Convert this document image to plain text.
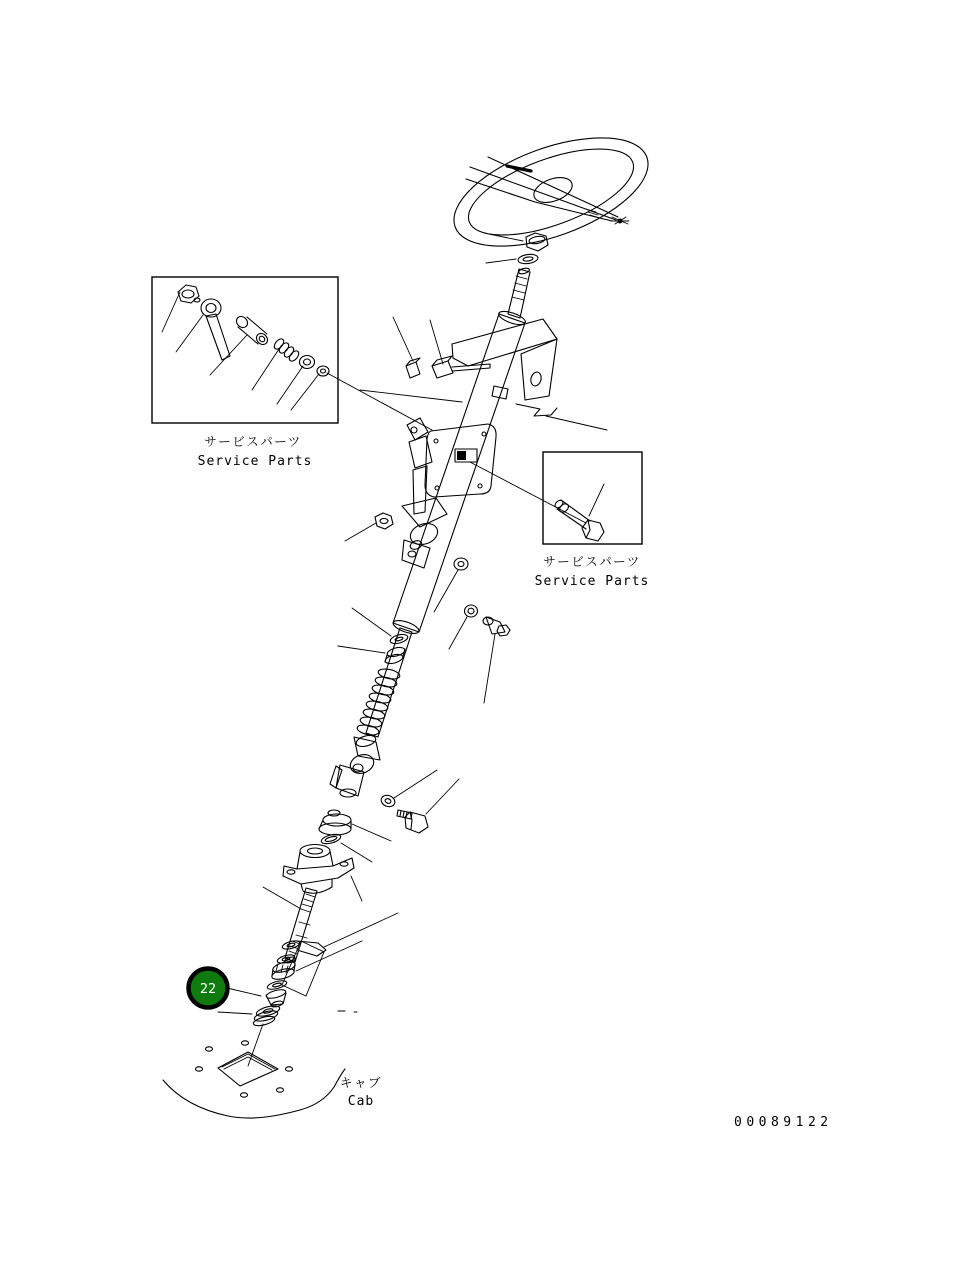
22
サービスパーツ
Service Parts
サービスパーツ
Service Parts
キャブ
Cab
00089122
